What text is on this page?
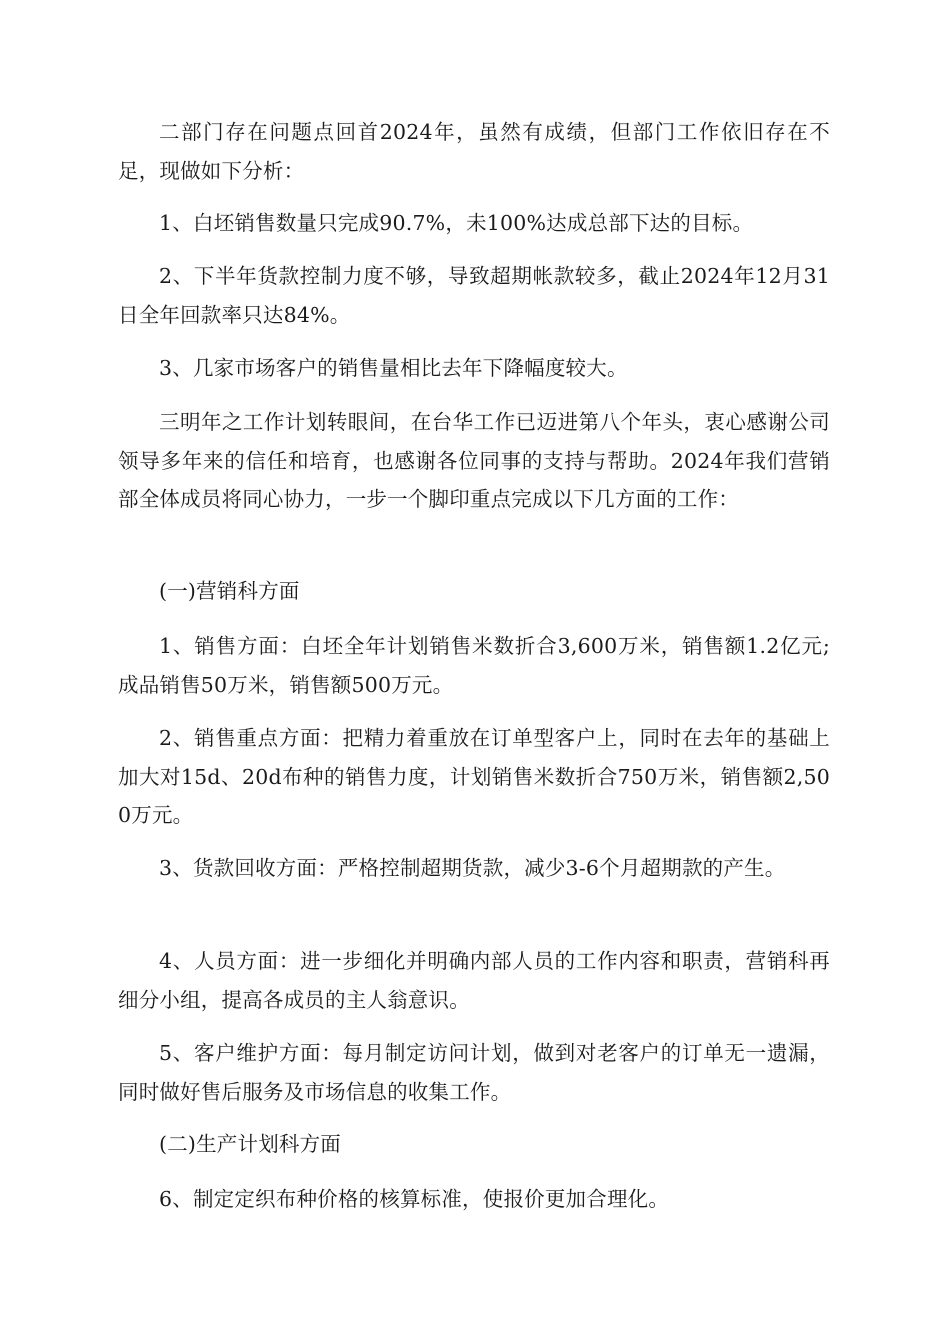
二部门存在问题点回首2024年，虽然有成绩，但部门工作依旧存在不足，现做如下分析：

1、白坯销售数量只完成90.7%，未100%达成总部下达的目标。

2、下半年货款控制力度不够，导致超期帐款较多，截止2024年12月31日全年回款率只达84%。

3、几家市场客户的销售量相比去年下降幅度较大。

三明年之工作计划转眼间，在台华工作已迈进第八个年头，衷心感谢公司领导多年来的信任和培育，也感谢各位同事的支持与帮助。2024年我们营销部全体成员将同心协力，一步一个脚印重点完成以下几方面的工作：

(一)营销科方面

1、销售方面：白坯全年计划销售米数折合3,600万米，销售额1.2亿元;成品销售50万米，销售额500万元。

2、销售重点方面：把精力着重放在订单型客户上，同时在去年的基础上加大对15d、20d布种的销售力度，计划销售米数折合750万米，销售额2,500万元。

3、货款回收方面：严格控制超期货款，减少3-6个月超期款的产生。

4、人员方面：进一步细化并明确内部人员的工作内容和职责，营销科再细分小组，提高各成员的主人翁意识。

5、客户维护方面：每月制定访问计划，做到对老客户的订单无一遗漏，同时做好售后服务及市场信息的收集工作。

(二)生产计划科方面

6、制定定织布种价格的核算标准，使报价更加合理化。
